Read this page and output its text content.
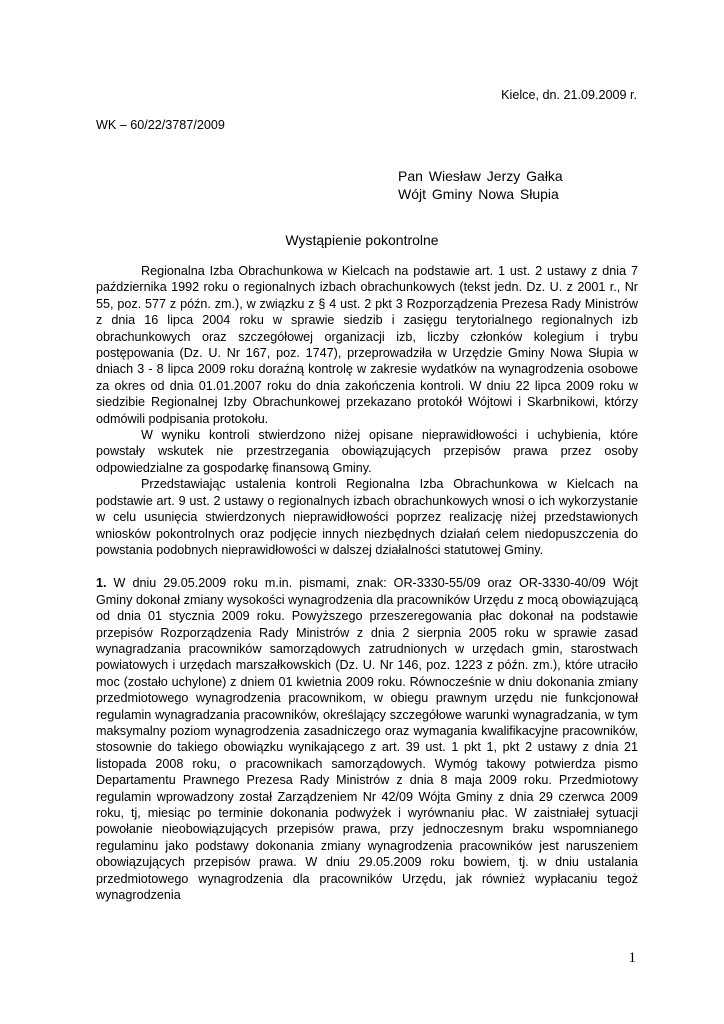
Kielce, dn. 21.09.2009 r.
WK – 60/22/3787/2009
Pan Wiesław Jerzy Gałka
Wójt Gminy Nowa Słupia
Wystąpienie pokontrolne

Regionalna Izba Obrachunkowa w Kielcach na podstawie art. 1 ust. 2 ustawy z dnia 7 października 1992 roku o regionalnych izbach obrachunkowych (tekst jedn. Dz. U. z 2001 r., Nr 55, poz. 577 z późn. zm.), w związku z § 4 ust. 2 pkt 3 Rozporządzenia Prezesa Rady Ministrów z dnia 16 lipca 2004 roku w sprawie siedzib i zasięgu terytorialnego regionalnych izb obrachunkowych oraz szczegółowej organizacji izb, liczby członków kolegium i trybu postępowania (Dz. U. Nr 167, poz. 1747), przeprowadziła w Urzędzie Gminy Nowa Słupia w dniach 3 - 8 lipca 2009 roku doraźną kontrolę w zakresie wydatków na wynagrodzenia osobowe za okres od dnia 01.01.2007 roku do dnia zakończenia kontroli. W dniu 22 lipca 2009 roku w siedzibie Regionalnej Izby Obrachunkowej przekazano protokół Wójtowi i Skarbnikowi, którzy odmówili podpisania protokołu.

W wyniku kontroli stwierdzono niżej opisane nieprawidłowości i uchybienia, które powstały wskutek nie przestrzegania obowiązujących przepisów prawa przez osoby odpowiedzialne za gospodarkę finansową Gminy.

Przedstawiając ustalenia kontroli Regionalna Izba Obrachunkowa w Kielcach na podstawie art. 9 ust. 2 ustawy o regionalnych izbach obrachunkowych wnosi o ich wykorzystanie w celu usunięcia stwierdzonych nieprawidłowości poprzez realizację niżej przedstawionych wniosków pokontrolnych oraz podjęcie innych niezbędnych działań celem niedopuszczenia do powstania podobnych nieprawidłowości w dalszej działalności statutowej Gminy.

1. W dniu 29.05.2009 roku m.in. pismami, znak: OR-3330-55/09 oraz OR-3330-40/09 Wójt Gminy dokonał zmiany wysokości wynagrodzenia dla pracowników Urzędu z mocą obowiązującą od dnia 01 stycznia 2009 roku. Powyższego przeszeregowania płac dokonał na podstawie przepisów Rozporządzenia Rady Ministrów z dnia 2 sierpnia 2005 roku w sprawie zasad wynagradzania pracowników samorządowych zatrudnionych w urzędach gmin, starostwach powiatowych i urzędach marszałkowskich (Dz. U. Nr 146, poz. 1223 z późn. zm.), które utraciło moc (zostało uchylone) z dniem 01 kwietnia 2009 roku. Równocześnie w dniu dokonania zmiany przedmiotowego wynagrodzenia pracownikom, w obiegu prawnym urzędu nie funkcjonował regulamin wynagradzania pracowników, określający szczegółowe warunki wynagradzania, w tym maksymalny poziom wynagrodzenia zasadniczego oraz wymagania kwalifikacyjne pracowników, stosownie do takiego obowiązku wynikającego z art. 39 ust. 1 pkt 1, pkt 2 ustawy z dnia 21 listopada 2008 roku, o pracownikach samorządowych. Wymóg takowy potwierdza pismo Departamentu Prawnego Prezesa Rady Ministrów z dnia 8 maja 2009 roku. Przedmiotowy regulamin wprowadzony został Zarządzeniem Nr 42/09 Wójta Gminy z dnia 29 czerwca 2009 roku, tj, miesiąc po terminie dokonania podwyżek i wyrównaniu płac. W zaistniałej sytuacji powołanie nieobowiązujących przepisów prawa, przy jednoczesnym braku wspomnianego regulaminu jako podstawy dokonania zmiany wynagrodzenia pracowników jest naruszeniem obowiązujących przepisów prawa. W dniu 29.05.2009 roku bowiem, tj. w dniu ustalania przedmiotowego wynagrodzenia dla pracowników Urzędu, jak również wypłacaniu tegoż wynagrodzenia

1
